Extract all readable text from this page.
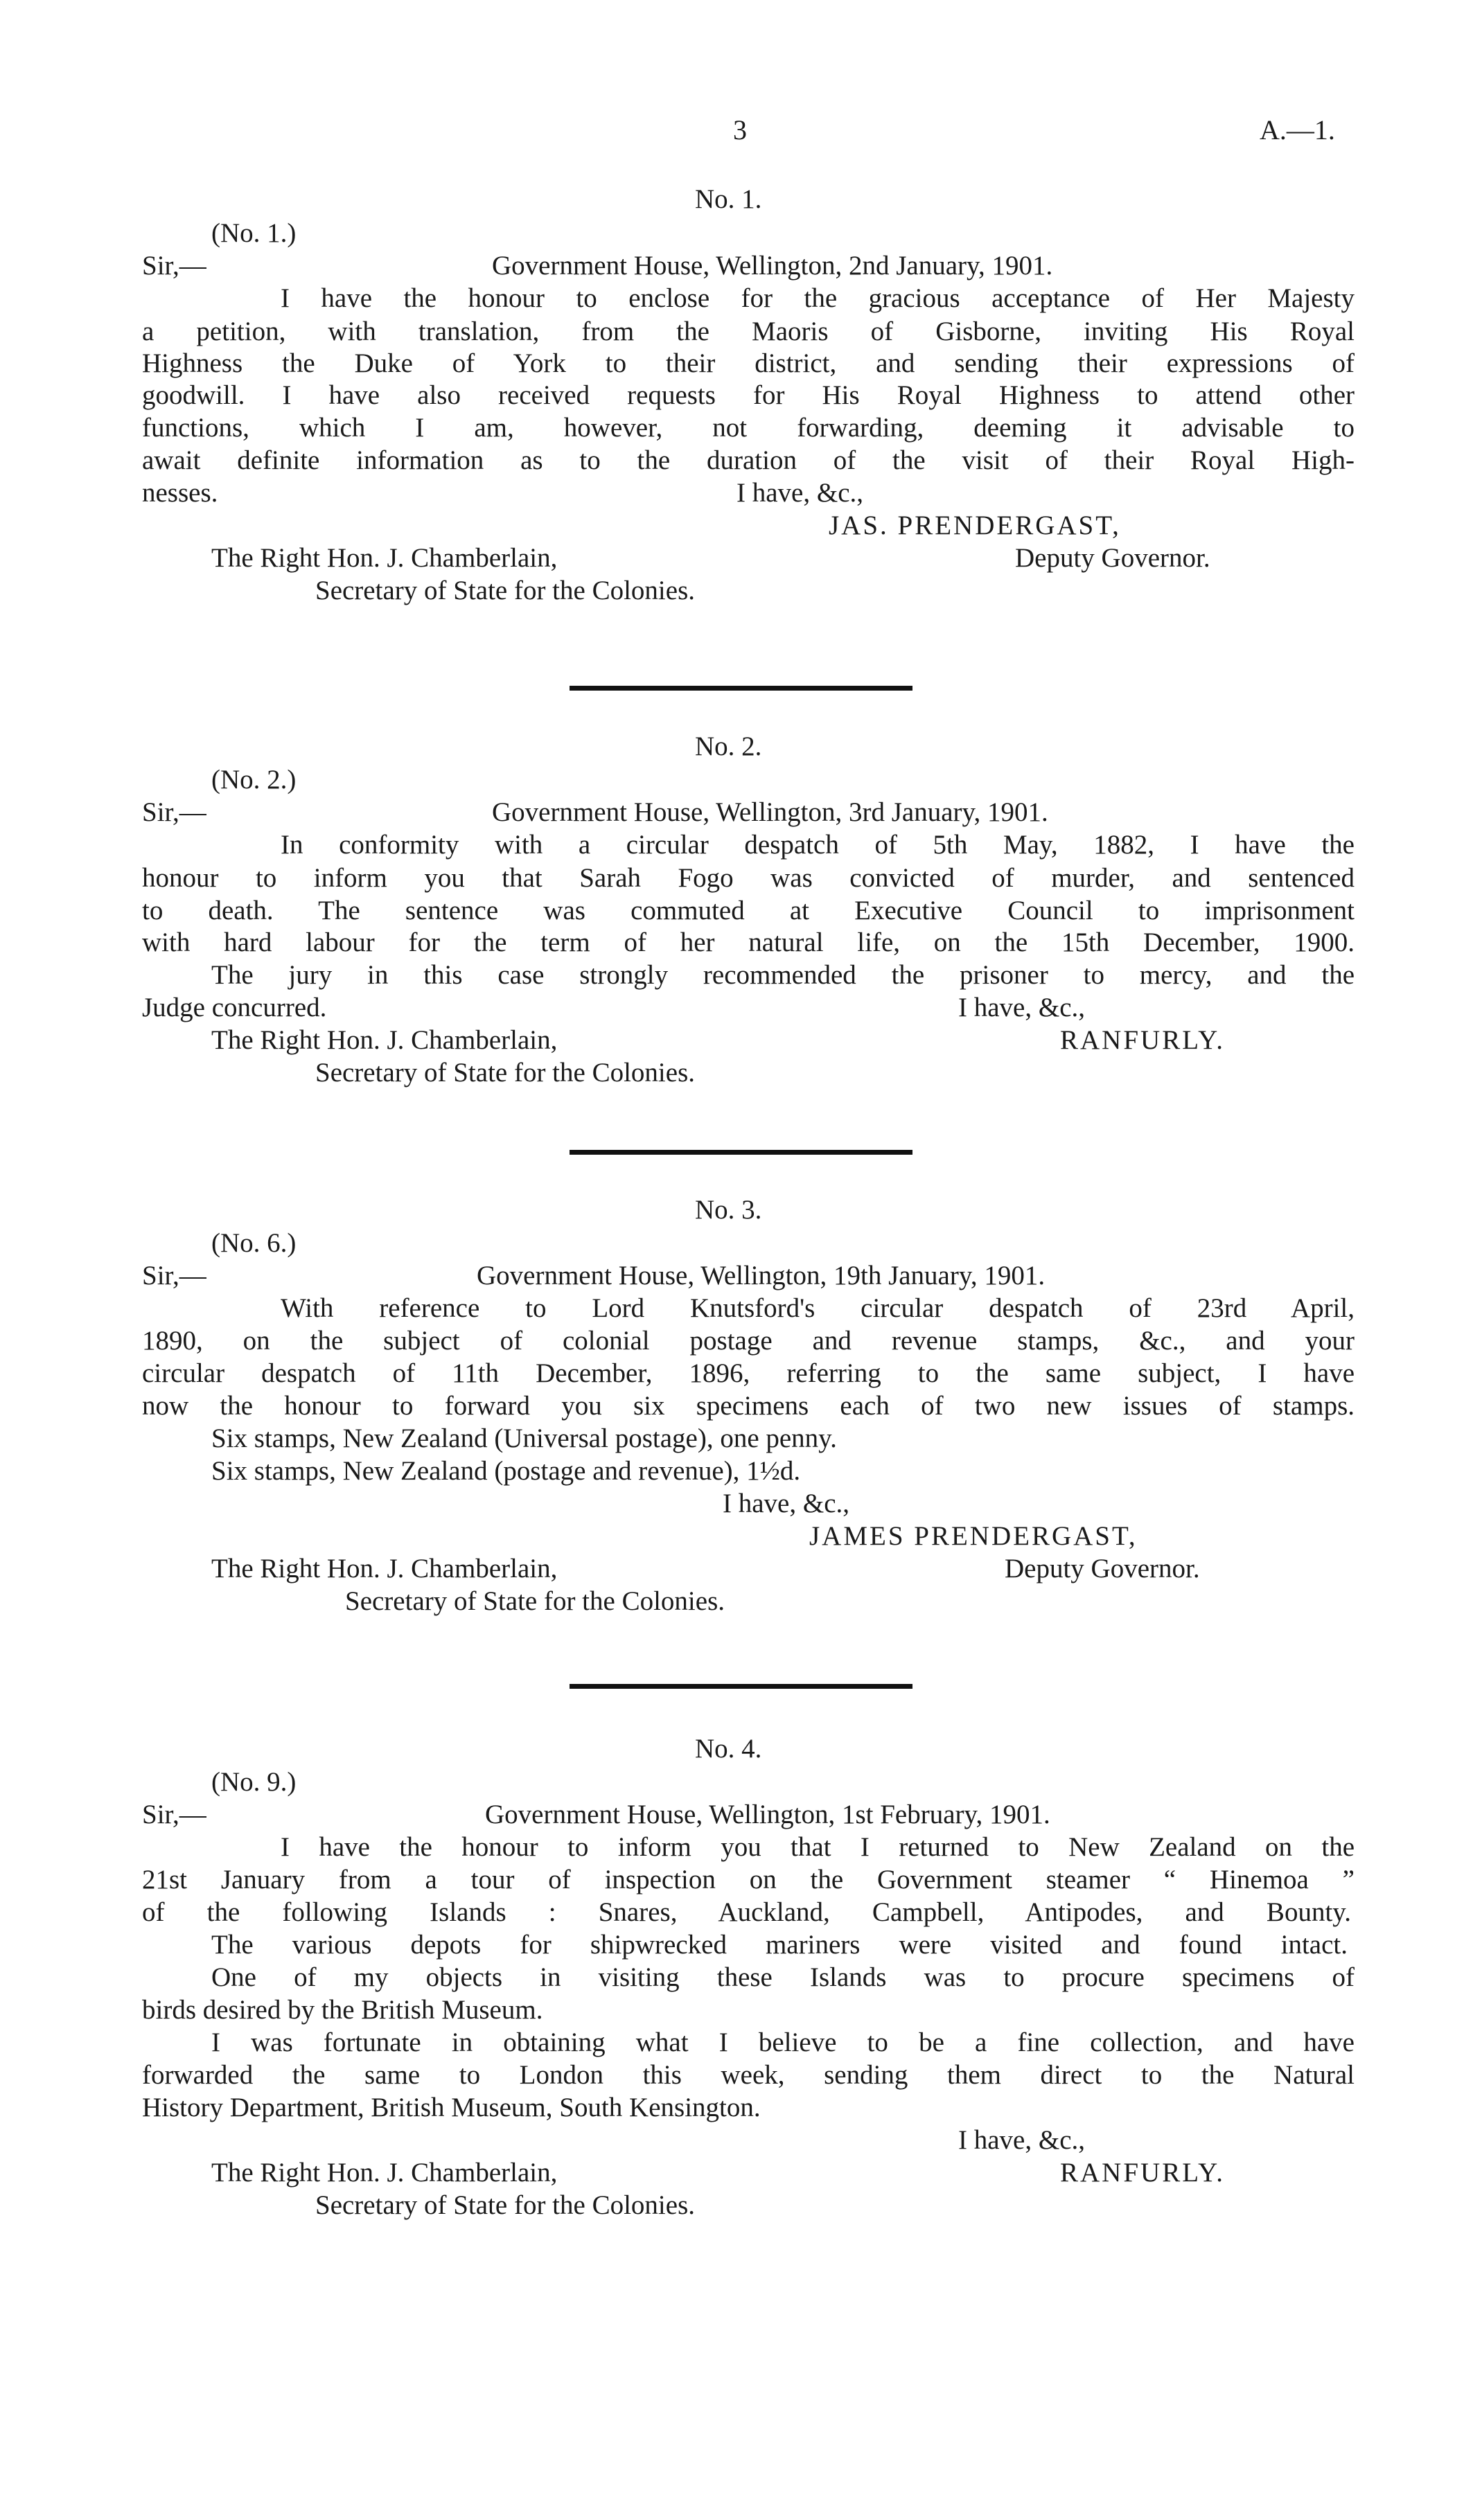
3	A.—1.
No. 1.
(No. 1.)
Sir,—	Government House, Wellington, 2nd January, 1901.
I have the honour to enclose for the gracious acceptance of Her Majesty
a petition, with translation, from the Maoris of Gisborne, inviting His Royal
Highness the Duke of York to their district, and sending their expressions of
goodwill. I have also received requests for His Royal Highness to attend other
functions, which I am, however, not forwarding, deeming it advisable to
await definite information as to the duration of the visit of their Royal High-
nesses.	I have, &c.,
JAS. PRENDERGAST,
The Right Hon. J. Chamberlain,	Deputy Governor.
Secretary of State for the Colonies.
No. 2.
(No. 2.)
Sir,—	Government House, Wellington, 3rd January, 1901.
In conformity with a circular despatch of 5th May, 1882, I have the
honour to inform you that Sarah Fogo was convicted of murder, and sentenced
to death. The sentence was commuted at Executive Council to imprisonment
with hard labour for the term of her natural life, on the 15th December, 1900.
The jury in this case strongly recommended the prisoner to mercy, and the
Judge concurred.	I have, &c.,
The Right Hon. J. Chamberlain,	RANFURLY.
Secretary of State for the Colonies.
No. 3.
(No. 6.)
Sir,—	Government House, Wellington, 19th January, 1901.
With reference to Lord Knutsford's circular despatch of 23rd April,
1890, on the subject of colonial postage and revenue stamps, &c., and your
circular despatch of 11th December, 1896, referring to the same subject, I have
now the honour to forward you six specimens each of two new issues of stamps.
Six stamps, New Zealand (Universal postage), one penny.
Six stamps, New Zealand (postage and revenue), 1½d.
I have, &c.,
JAMES PRENDERGAST,
The Right Hon. J. Chamberlain,	Deputy Governor.
Secretary of State for the Colonies.
No. 4.
(No. 9.)
Sir,—	Government House, Wellington, 1st February, 1901.
I have the honour to inform you that I returned to New Zealand on the
21st January from a tour of inspection on the Government steamer “ Hinemoa ”
of the following Islands : Snares, Auckland, Campbell, Antipodes, and Bounty.
The various depots for shipwrecked mariners were visited and found intact.
One of my objects in visiting these Islands was to procure specimens of
birds desired by the British Museum.
I was fortunate in obtaining what I believe to be a fine collection, and have
forwarded the same to London this week, sending them direct to the Natural
History Department, British Museum, South Kensington.
I have, &c.,
The Right Hon. J. Chamberlain,	RANFURLY.
Secretary of State for the Colonies.
